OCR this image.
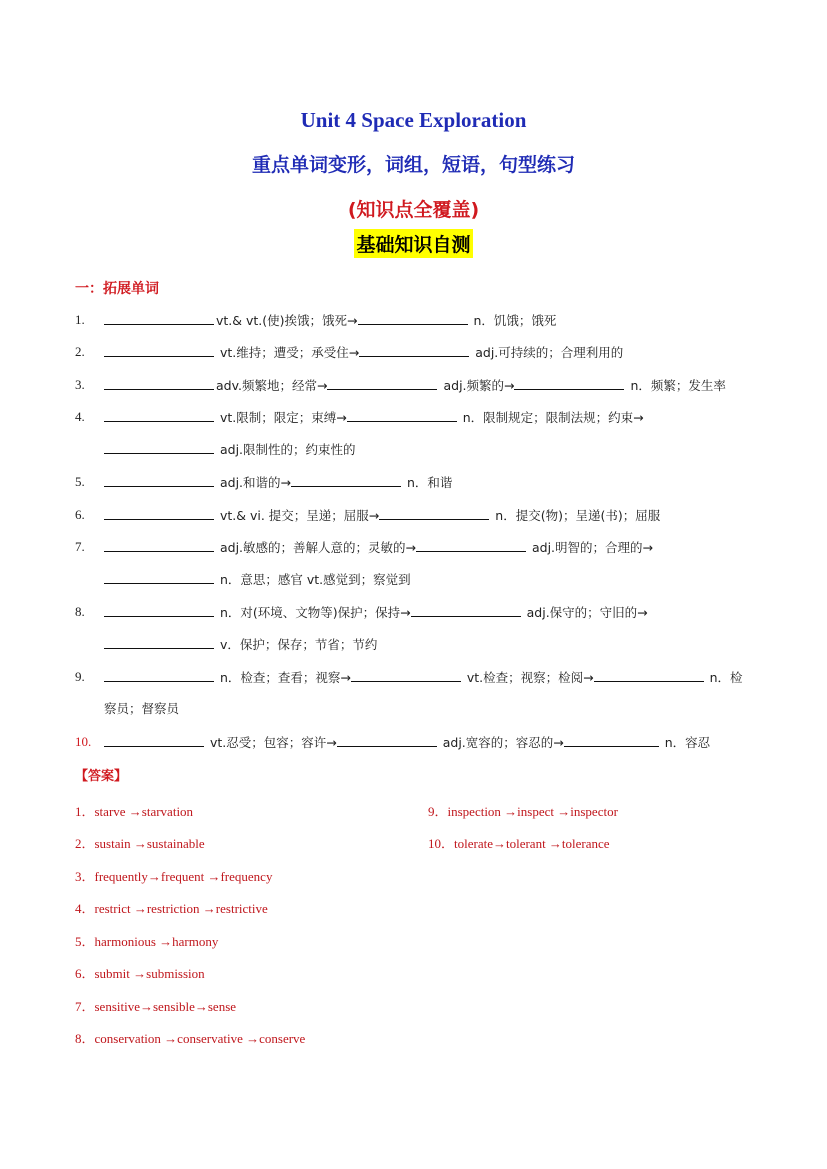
Unit 4 Space Exploration
重点单词变形，词组，短语，句型练习
(知识点全覆盖)
基础知识自测
一：拓展单词
1.	vt.& vt.(使)挨饿；饿死→	n．饥饿；饿死
2.	vt.维持；遭受；承受住→	adj.可持续的；合理利用的
3.	adv.频繁地；经常→	adj.频繁的→	n．频繁；发生率
4.	vt.限制；限定；束缚→	n．限制规定；限制法规；约束→
adj.限制性的；约束性的
5.	adj.和谐的→	n．和谐
6.	vt.& vi. 提交；呈递；屈服→	n．提交(物)；呈递(书)；屈服
7.	adj.敏感的；善解人意的；灵敏的→	adj.明智的；合理的→
n．意思；感官 vt.感觉到；察觉到
8.	n．对(环境、文物等)保护；保持→	adj.保守的；守旧的→
v．保护；保存；节省；节约
9.	n．检查；查看；视察→	vt.检查；视察；检阅→	n．检
察员；督察员
10.	vt.忍受；包容；容许→	adj.宽容的；容忍的→	n．容忍
【答案】
1．starve →starvation
2．sustain →sustainable
3．frequently→frequent →frequency
4．restrict →restriction →restrictive
5．harmonious →harmony
6．submit →submission
7．sensitive→sensible→sense
8．conservation →conservative →conserve
9．inspection →inspect →inspector
10．tolerate→tolerant →tolerance
